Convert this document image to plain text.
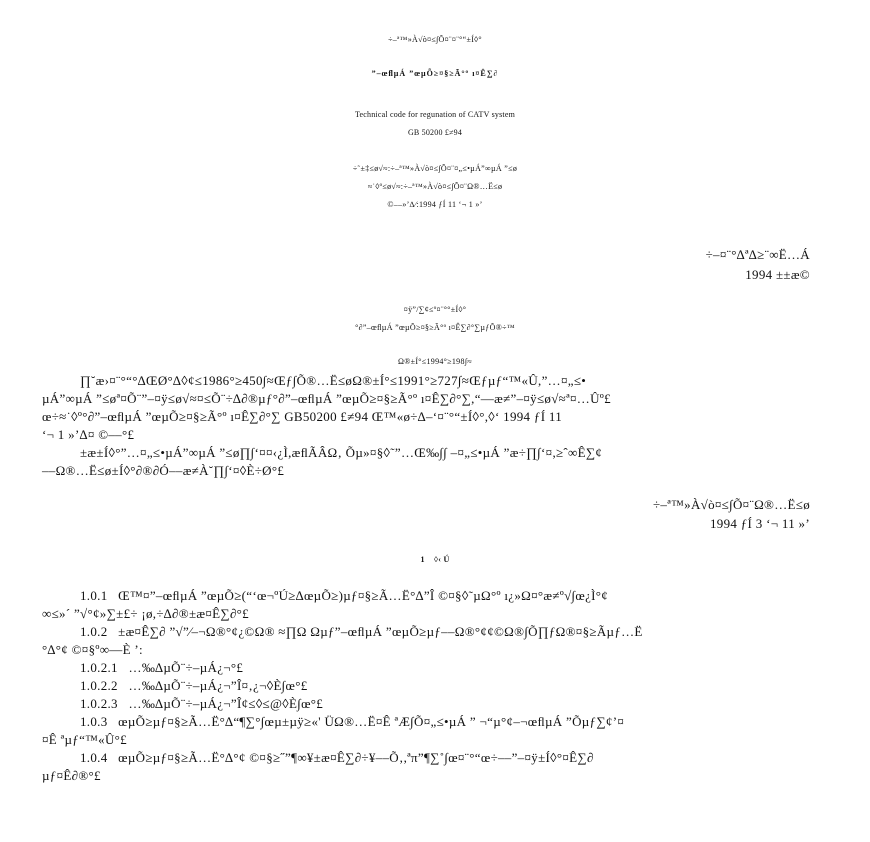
÷–ª™»À√ò¤≤∫Õ¤¨¤¨°“±Í◊°
”–œﬂµÁ ”œµÕ≥¤§≥Ã°º ı¤Ê∑∂
Technical code for regunation of CATV system
GB 50200 £≠94
÷˜±‡≤ø√≈:÷–ª™»À√ò¤≤∫Õ¤¨¤„≤•µÁ”∞µÁ ”≤ø
≈˙◊º≤ø√≈:÷–ª™»À√ò¤≤∫Õ¤¨Ω®…Ë≤ø
©––»’∆⁄:1994 ƒÍ 11 ‘¬ 1 »’
÷–¤¨°∆ª∆≥¨∞Ë…Á
1994 ±±æ©
¤ÿ”/∑¢≤º¤¨°°±Í◊°
°∂”–œﬂµÁ ”œµÕ≥¤§≥Ã°º ı¤Ê∑∂°∑µƒÕ®÷™
Ω®±Í°≤1994°≥198∫≈
∏˘æ›¤¨°“°∆ŒØ°∆◊¢≤1986°≥450∫≈Œƒ∫Õ®…Ë≤øΩ®±Í°≤1991°≥727∫≈Œƒµƒ“™«Û,”…¤„≤•
µÁ”∞µÁ ”≤øª¤Õ¨”–¤ÿ≤ø√≈¤≤Õ¨÷∆∂®µƒ°∂”–œﬂµÁ ”œµÕ≥¤§≥Ã°º ı¤Ê∑∂°∑,“—æ≠”–¤ÿ≤ø√≈ª¤…Ûº£
œ÷≈˙◊º°∂”–œﬂµÁ ”œµÕ≥¤§≥Ã°º ı¤Ê∑∂°∑ GB50200 £≠94 Œ™«ø÷∆–‘¤¨°“±Í◊°,◊‘ 1994 ƒÍ 11
‘¬ 1 »’∆¤ ©––°£
±æ±Í◊°”…¤„≤•µÁ”∞µÁ ”≤ø∏∫‘¤¤‹¿Ì,æﬂÃÂΩ‚ Õµ»¤§◊˜”…Œ‰∫∫ –¤„≤•µÁ ”æ÷∏∫‘¤,≥ˆ∞Ê∑¢
––Ω®…Ë≤ø±Í◊°∂®∂Ó––æ≠À˘∏∫‘¤◊È÷Ø°£
÷–ª™»À√ò¤≤∫Õ¤¨Ω®…Ë≤ø
1994 ƒÍ 3 ‘¬ 11 »’
1 ◊‹ Ú
1.0.1 Œ™¤”–œﬂµÁ ”œµÕ≥(“‘œ¬ºÚ≥∆œµÕ≥)µƒ¤§≥Ã…Ë°∆”Î ©¤§◊˜µΩ°º ı¿»Ω¤°æ≠º√∫œ¿Ì°¢
∞≤»´ ”√°¢»∑±£÷ ¡ø,÷∆∂®±æ¤Ê∑∂°£
1.0.2 ±æ¤Ê∑∂ ”√”⁄–¬Ω®°¢¿©Ω® ≈∏Ω Ωµƒ”–œﬂµÁ ”œµÕ≥µƒ––Ω®°¢¢©Ω®∫Õ∏ƒΩ®¤§≥Ãµƒ…Ë
°∆°¢ ©¤§º∞—È ’:
1.0.2.1 …‰∆µÕ¨÷–µÁ¿¬°£
1.0.2.2 …‰∆µÕ¨÷–µÁ¿¬”Î¤‚¿¬◊È∫œ°£
1.0.2.3 …‰∆µÕ¨÷–µÁ¿¬”Î¢≤◊≤@◊È∫œ°£
1.0.3 œµÕ≥µƒ¤§≥Ã…Ë°∆“¶∑°∫œµ±µÿ≥«' ÜΩ®…Ë¤Ê ªÆ∫Õ¤„≤•µÁ ” ¬“µ°¢–¬œﬂµÁ ”Õµƒ∑¢’¤
¤Ê ªµƒ“™«Û°£
1.0.4 œµÕ≥µƒ¤§≥Ã…Ë°∆°¢ ©¤§≥˝”¶∞¥±æ¤Ê∑∂÷¥––Õ‚,ªπ”¶∑˚∫œ¤¨°“œ÷––”–¤ÿ±Í◊°¤Ê∑∂
µƒ¤Ê∂®°£
